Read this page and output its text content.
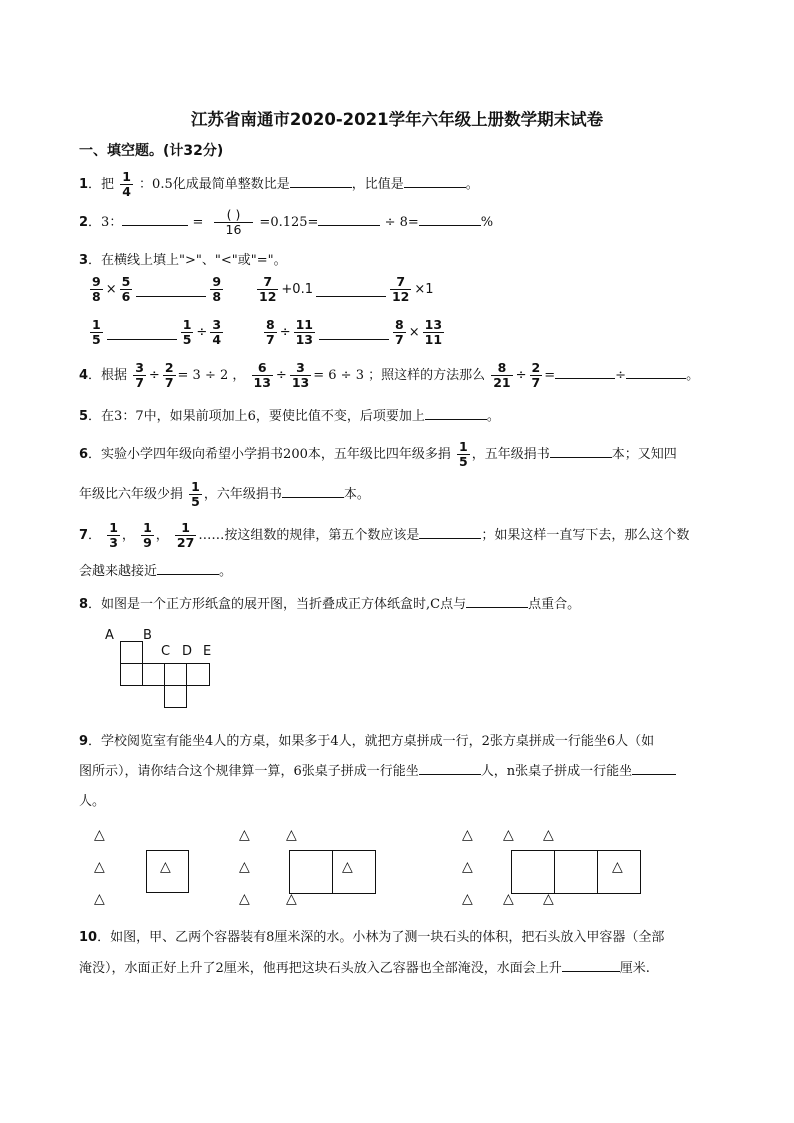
江苏省南通市2020-2021学年六年级上册数学期末试卷
一、填空题。(计32分)
1．把 $\frac{1}{4}$ ：0.5化成最简单整数比是	，比值是	。
2．3：	= $\frac{( )}{16} =0.125=$	÷ 8=	%
3．在横线上填上">"、"<"或"="。
$\frac{9}{8} \times \frac{5}{6}$	$\frac{9}{8}$	$\frac{7}{12} +0.1$	$\frac{7}{12} \times 1$
$\frac{1}{5}$	$\frac{1}{5} \div \frac{3}{4}$	$\frac{8}{7} \div \frac{11}{13}$	$\frac{8}{7} \times \frac{13}{11}$
4．根据 $\frac{3}{7} \div \frac{2}{7} = 3 \div 2$ ， $\frac{6}{13} \div \frac{3}{13} = 6 \div 3$ ；照这样的方法那么 $\frac{8}{21} \div \frac{2}{7}$ =	÷	。
5．在3：7中，如果前项加上6，要使比值不变，后项要加上	。
6．实验小学四年级向希望小学捐书200本，五年级比四年级多捐 $\frac{1}{5}$ ，五年级捐书	本；又知四
年级比六年级少捐 $\frac{1}{5}$ ，六年级捐书	本。
7． $\frac{1}{3}$ ， $\frac{1}{9}$ ， $\frac{1}{27}$ ……按这组数的规律，第五个数应该是	；如果这样一直写下去，那么这个数
会越来越接近	。
8．如图是一个正方形纸盒的展开图，当折叠成正方体纸盒时,C点与	点重合。
A B
C D E
9．学校阅览室有能坐4人的方桌，如果多于4人，就把方桌拼成一行，2张方桌拼成一行能坐6人（如
图所示），请你结合这个规律算一算，6张桌子拼成一行能坐	人，n张桌子拼成一行能坐
人。
△
△
△
△
△	△
△
△	△
△
△ △ △
△
△ △ △
△
10．如图，甲、乙两个容器装有8厘米深的水。小林为了测一块石头的体积，把石头放入甲容器（全部
淹没），水面正好上升了2厘米，他再把这块石头放入乙容器也全部淹没，水面会上升	厘米.
